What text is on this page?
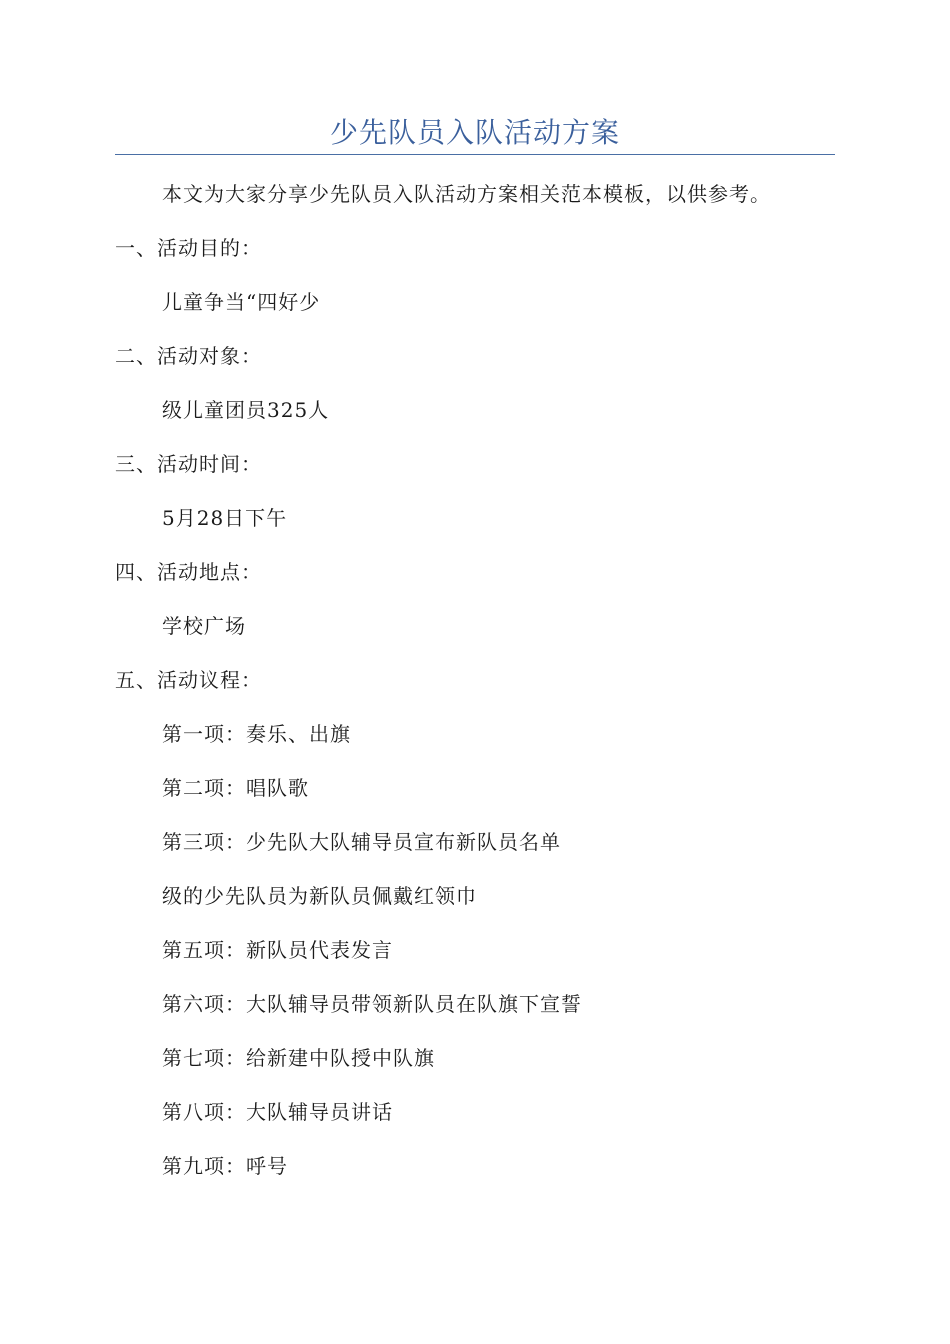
少先队员入队活动方案
本文为大家分享少先队员入队活动方案相关范本模板，以供参考。
一、活动目的：
儿童争当“四好少
二、活动对象：
级儿童团员325人
三、活动时间：
5月28日下午
四、活动地点：
学校广场
五、活动议程：
第一项：奏乐、出旗
第二项：唱队歌
第三项：少先队大队辅导员宣布新队员名单
级的少先队员为新队员佩戴红领巾
第五项：新队员代表发言
第六项：大队辅导员带领新队员在队旗下宣誓
第七项：给新建中队授中队旗
第八项：大队辅导员讲话
第九项：呼号
